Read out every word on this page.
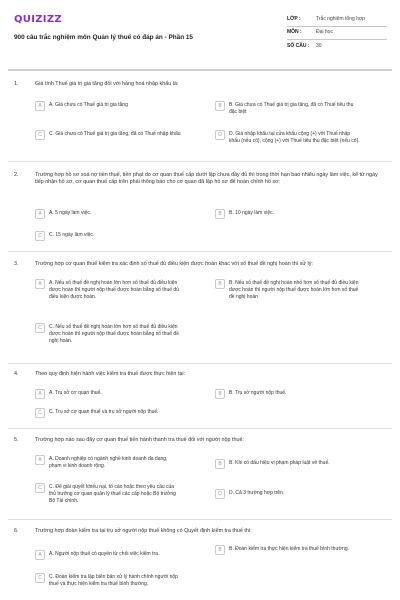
QUIZIZZ
900 câu trắc nghiệm môn Quản lý thuế có đáp án - Phần 15
LỚP :	Trắc nghiệm tổng hợp
MÔN :	Đại học
SỐ CÂU :	30
1.	Giá tính Thuế giá trị gia tăng đối với hàng hoá nhập khẩu là:
A	A. Giá chưa có Thuế giá trị gia tăng	B	B. Giá chưa có Thuế giá trị gia tăng, đã có Thuế tiêu thụ đặc biệt
C	C. Giá chưa có Thuế giá trị gia tăng, đã có Thuế nhập khẩu	D	D. Giá nhập khẩu tại cửa khẩu cộng (+) với Thuế nhập khẩu (nếu có), cộng (+) với Thuế tiêu thụ đặc biệt (nếu có).
2.	Trường hợp hồ sơ xoá nợ tiền thuế, tiền phạt do cơ quan thuế cấp dưới lập chưa đầy đủ thì trong thời hạn bao nhiêu ngày làm việc, kể từ ngày tiếp nhận hồ sơ, cơ quan thuế cấp trên phải thông báo cho cơ quan đã lập hồ sơ để hoàn chỉnh hồ sơ:
A	A. 5 ngày làm việc.	B	B. 10 ngày làm việc.
C	C. 15 ngày làm việc.
3.	Trường hợp cơ quan thuế kiểm tra xác định số thuế đủ điều kiện được hoàn khác với số thuế đề nghị hoàn thì xử lý:
A	A. Nếu số thuế đề nghị hoàn lớn hơn số thuế đủ điều kiện được hoàn thì người nộp thuế được hoàn bằng số thuế đủ điều kiện được hoàn.
B	B. Nếu số thuế đề nghị hoàn nhỏ hơn số thuế đủ điều kiện được hoàn thì người nộp thuế được hoàn lớn hơn số thuế đề nghị hoàn
C	C. Nếu số thuế đề nghị hoàn lớn hơn số thuế đủ điều kiện được hoàn thì người nộp thuế được hoàn bằng số thuế đề nghị hoàn.
4.	Theo quy định hiện hành việc kiểm tra thuế được thực hiện tại:
A	A. Trụ sở cơ quan thuế.	B	B. Trụ sở người nộp thuế.
C	C. Trụ sở cơ quan thuế và trụ sở người nộp thuế.
5.	Trường hợp nào sau đây cơ quan thuế tiến hành thanh tra thuế đối với người nộp thuế:
A	A. Doanh nghiệp có ngành nghề kinh doanh đa dạng, phạm vi kinh doanh rộng.	B	B. Khi có dấu hiệu vi phạm pháp luật về thuế.
C	C. Để giải quyết khiếu nại, tố cáo hoặc theo yêu cầu của thủ trưởng cơ quan quản lý thuế các cấp hoặc Bộ trưởng Bộ Tài chính.
D	D. Cả 3 trường hợp trên.
6.	Trường hợp đoàn kiểm tra tại trụ sở người nộp thuế không có Quyết định kiểm tra thuế thì:
A	A. Người nộp thuế có quyền từ chối việc kiểm tra.
B	B. Đoàn kiểm tra thực hiện kiểm tra thuế bình thường.
C	C. Đoàn kiểm tra lập biên bản xử lý hành chính người nộp thuế và thực hiện kiểm tra thuế bình thường.
